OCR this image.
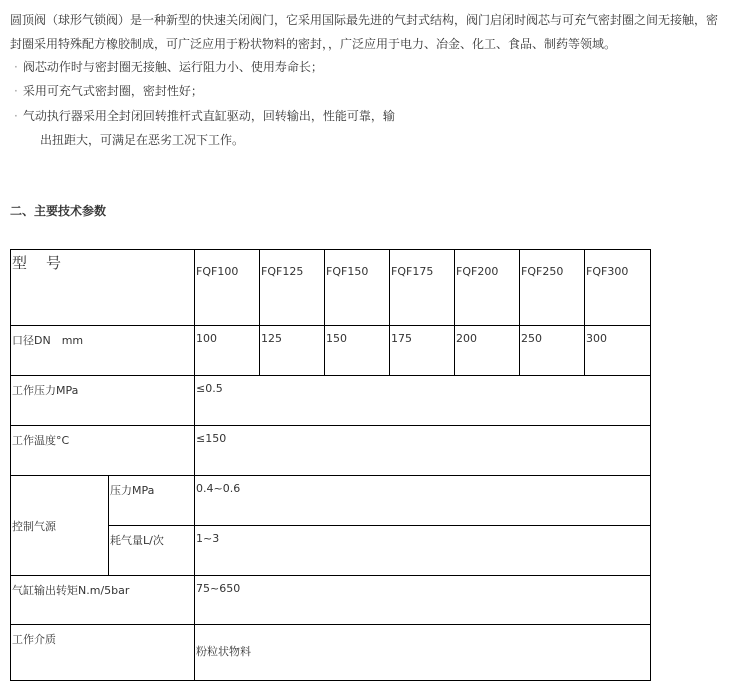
圆顶阀（球形气锁阀）是一种新型的快速关闭阀门，它采用国际最先进的气封式结构，阀门启闭时阀芯与可充气密封圈之间无接触，密封圈采用特殊配方橡胶制成，可广泛应用于粉状物料的密封，，广泛应用于电力、冶金、化工、食品、制药等领域。

· 阀芯动作时与密封圈无接触、运行阻力小、使用寿命长；
· 采用可充气式密封圈，密封性好；
· 气动执行器采用全封闭回转推杆式直缸驱动，回转输出，性能可靠，输
出扭距大，可满足在恶劣工况下工作。
二、主要技术参数
型　号		FQF100	FQF125	FQF150	FQF175	FQF200	FQF250	FQF300
口径DN　mm		100	125	150	175	200	250	300
工作压力MPa		≤0.5						
工作温度°C		≤150						
控制气源	压力MPa	0.4~0.6						
	耗气量L/次	1~3						
气缸输出转矩N.m/5bar		75~650						
工作介质		粉粒状物料						
